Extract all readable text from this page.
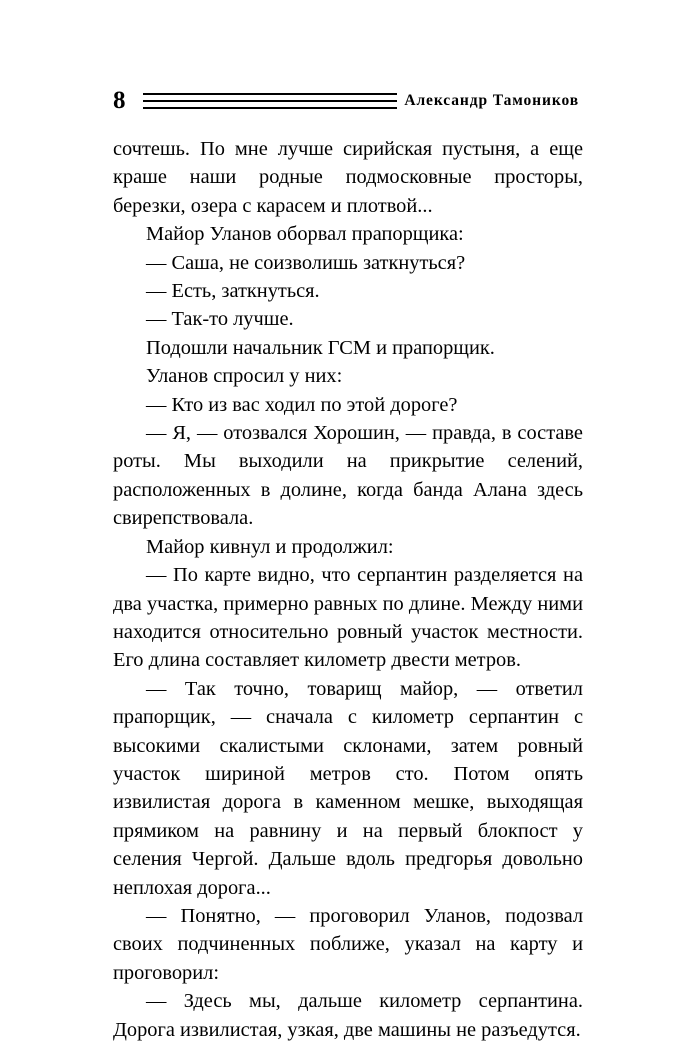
8	Александр Тамоников

сочтешь. По мне лучше сирийская пустыня, а еще краше наши родные подмосковные просторы, березки, озера с карасем и плотвой...

Майор Уланов оборвал прапорщика:

— Саша, не соизволишь заткнуться?

— Есть, заткнуться.

— Так-то лучше.

Подошли начальник ГСМ и прапорщик.

Уланов спросил у них:

— Кто из вас ходил по этой дороге?

— Я, — отозвался Хорошин, — правда, в составе роты. Мы выходили на прикрытие селений, расположенных в долине, когда банда Алана здесь свирепствовала.

Майор кивнул и продолжил:

— По карте видно, что серпантин разделяется на два участка, примерно равных по длине. Между ними находится относительно ровный участок местности. Его длина составляет километр двести метров.

— Так точно, товарищ майор, — ответил прапорщик, — сначала с километр серпантин с высокими скалистыми склонами, затем ровный участок шириной метров сто. Потом опять извилистая дорога в каменном мешке, выходящая прямиком на равнину и на первый блокпост у селения Чергой. Дальше вдоль предгорья довольно неплохая дорога...

— Понятно, — проговорил Уланов, подозвал своих подчиненных поближе, указал на карту и проговорил:

— Здесь мы, дальше километр серпантина. Дорога извилистая, узкая, две машины не разъедутся.
